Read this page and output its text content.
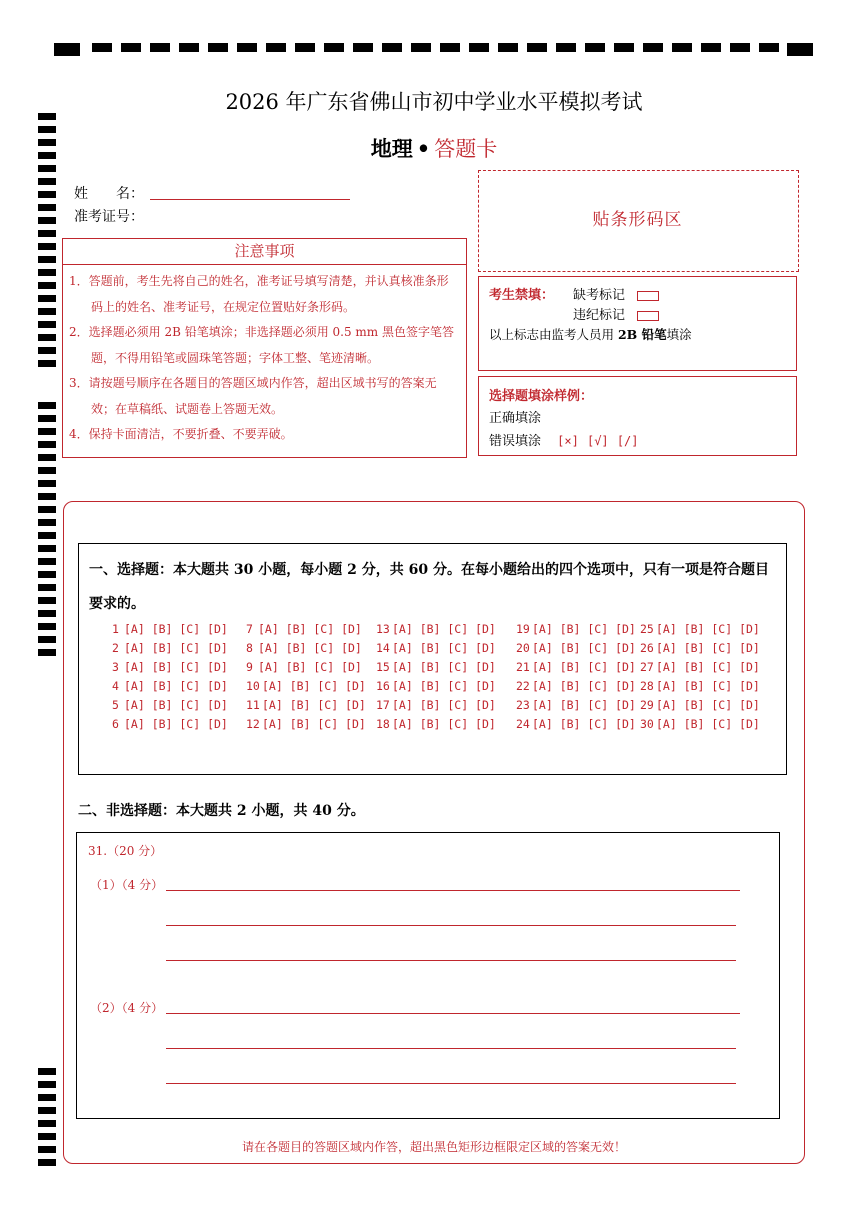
2026 年广东省佛山市初中学业水平模拟考试
地理 • 答题卡
姓　　名：
准考证号：	贴条形码区
注意事项
1．答题前，考生先将自己的姓名，准考证号填写清楚，并认真核准条形码上的姓名、准考证号，在规定位置贴好条形码。
2．选择题必须用 2B 铅笔填涂；非选择题必须用 0.5 mm 黑色签字笔答题，不得用铅笔或圆珠笔答题；字体工整、笔迹清晰。
3．请按题号顺序在各题目的答题区域内作答，超出区域书写的答案无效；在草稿纸、试题卷上答题无效。
4．保持卡面清洁，不要折叠、不要弄破。
考生禁填： 缺考标记
违纪标记
以上标志由监考人员用 2B 铅笔填涂
选择题填涂样例：
正确填涂
错误填涂 [×] [√] [/]
一、选择题：本大题共 30 小题，每小题 2 分，共 60 分。在每小题给出的四个选项中，只有一项是符合题目要求的。
1 [A] [B] [C] [D]
2 [A] [B] [C] [D]
3 [A] [B] [C] [D]
4 [A] [B] [C] [D]
5 [A] [B] [C] [D]
6 [A] [B] [C] [D]
7 [A] [B] [C] [D]
8 [A] [B] [C] [D]
9 [A] [B] [C] [D]
10 [A] [B] [C] [D]
11 [A] [B] [C] [D]
12 [A] [B] [C] [D]
13 [A] [B] [C] [D]
14 [A] [B] [C] [D]
15 [A] [B] [C] [D]
16 [A] [B] [C] [D]
17 [A] [B] [C] [D]
18 [A] [B] [C] [D]
19 [A] [B] [C] [D]
20 [A] [B] [C] [D]
21 [A] [B] [C] [D]
22 [A] [B] [C] [D]
23 [A] [B] [C] [D]
24 [A] [B] [C] [D]
25 [A] [B] [C] [D]
26 [A] [B] [C] [D]
27 [A] [B] [C] [D]
28 [A] [B] [C] [D]
29 [A] [B] [C] [D]
30 [A] [B] [C] [D]
二、非选择题：本大题共 2 小题，共 40 分。
31.（20 分）
（1）（4 分）
（2）（4 分）
请在各题目的答题区域内作答，超出黑色矩形边框限定区域的答案无效！
